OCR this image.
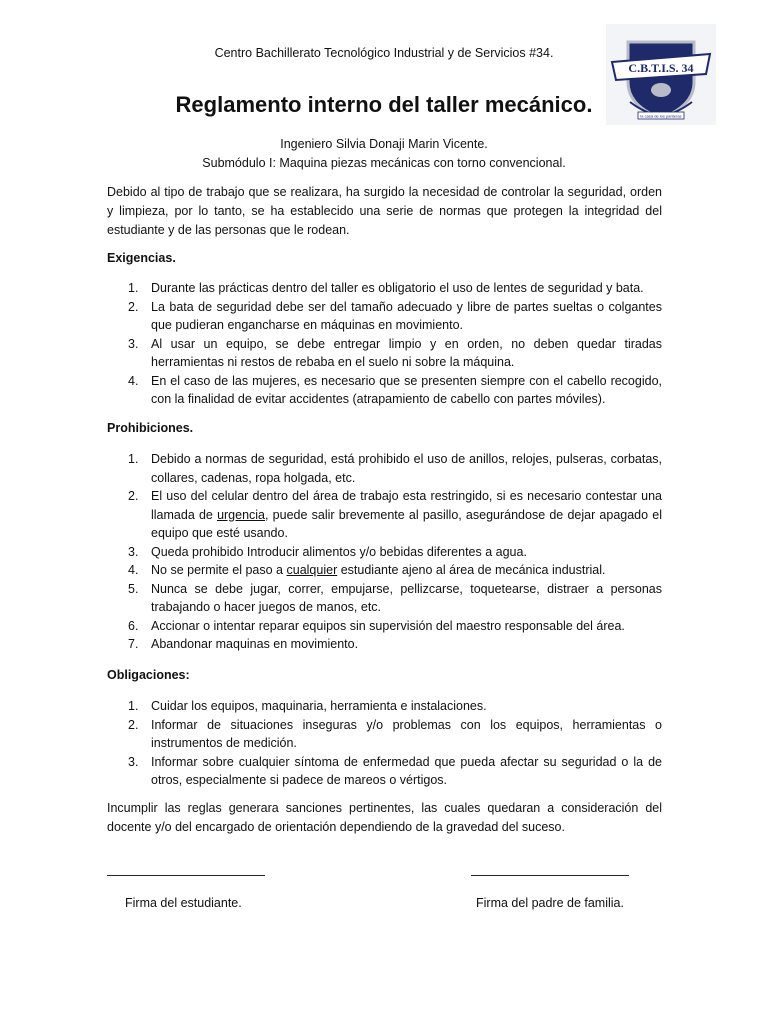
Centro Bachillerato Tecnológico Industrial y de Servicios #34.
C.B.T.I.S. 34
la casa de los panteras
Reglamento interno del taller mecánico.
Ingeniero Silvia Donaji Marin Vicente.
Submódulo I: Maquina piezas mecánicas con torno convencional.

Debido al tipo de trabajo que se realizara, ha surgido la necesidad de controlar la seguridad, orden y limpieza, por lo tanto, se ha establecido una serie de normas que protegen la integridad del estudiante y de las personas que le rodean.

Exigencias.
1. Durante las prácticas dentro del taller es obligatorio el uso de lentes de seguridad y bata.
2. La bata de seguridad debe ser del tamaño adecuado y libre de partes sueltas o colgantes que pudieran engancharse en máquinas en movimiento.
3. Al usar un equipo, se debe entregar limpio y en orden, no deben quedar tiradas herramientas ni restos de rebaba en el suelo ni sobre la máquina.
4. En el caso de las mujeres, es necesario que se presenten siempre con el cabello recogido, con la finalidad de evitar accidentes (atrapamiento de cabello con partes móviles).
Prohibiciones.
1. Debido a normas de seguridad, está prohibido el uso de anillos, relojes, pulseras, corbatas, collares, cadenas, ropa holgada, etc.
2. El uso del celular dentro del área de trabajo esta restringido, si es necesario contestar una llamada de urgencia, puede salir brevemente al pasillo, asegurándose de dejar apagado el equipo que esté usando.
3. Queda prohibido Introducir alimentos y/o bebidas diferentes a agua.
4. No se permite el paso a cualquier estudiante ajeno al área de mecánica industrial.
5. Nunca se debe jugar, correr, empujarse, pellizcarse, toquetearse, distraer a personas trabajando o hacer juegos de manos, etc.
6. Accionar o intentar reparar equipos sin supervisión del maestro responsable del área.
7. Abandonar maquinas en movimiento.
Obligaciones:
1. Cuidar los equipos, maquinaria, herramienta e instalaciones.
2. Informar de situaciones inseguras y/o problemas con los equipos, herramientas o instrumentos de medición.
3. Informar sobre cualquier síntoma de enfermedad que pueda afectar su seguridad o la de otros, especialmente si padece de mareos o vértigos.

Incumplir las reglas generara sanciones pertinentes, las cuales quedaran a consideración del docente y/o del encargado de orientación dependiendo de la gravedad del suceso.

Firma del estudiante.	Firma del padre de familia.
